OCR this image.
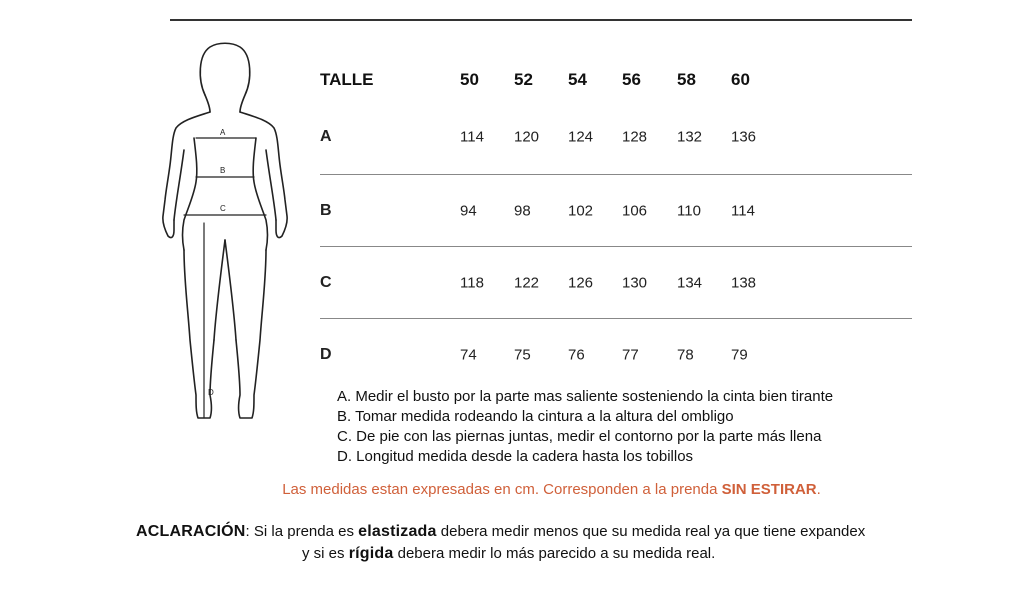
A
B
C
D
TALLE	50 52 54 56 58 60
A	114 120 124 128 132 136
B	94 98 102 106 110 114
C	118 122 126 130 134 138
D	74 75 76 77	78 79

A. Medir el busto por la parte mas saliente sosteniendo la cinta bien tirante

B. Tomar medida rodeando la cintura a la altura del ombligo

C. De pie con las piernas juntas, medir el contorno por la parte más llena

D. Longitud medida desde la cadera hasta los tobillos

Las medidas estan expresadas en cm. Corresponden a la prenda SIN ESTIRAR.
ACLARACIÓN: Si la prenda es elastizada debera medir menos que su medida real ya que tiene expandex
y si es rígida debera medir lo más parecido a su medida real.
